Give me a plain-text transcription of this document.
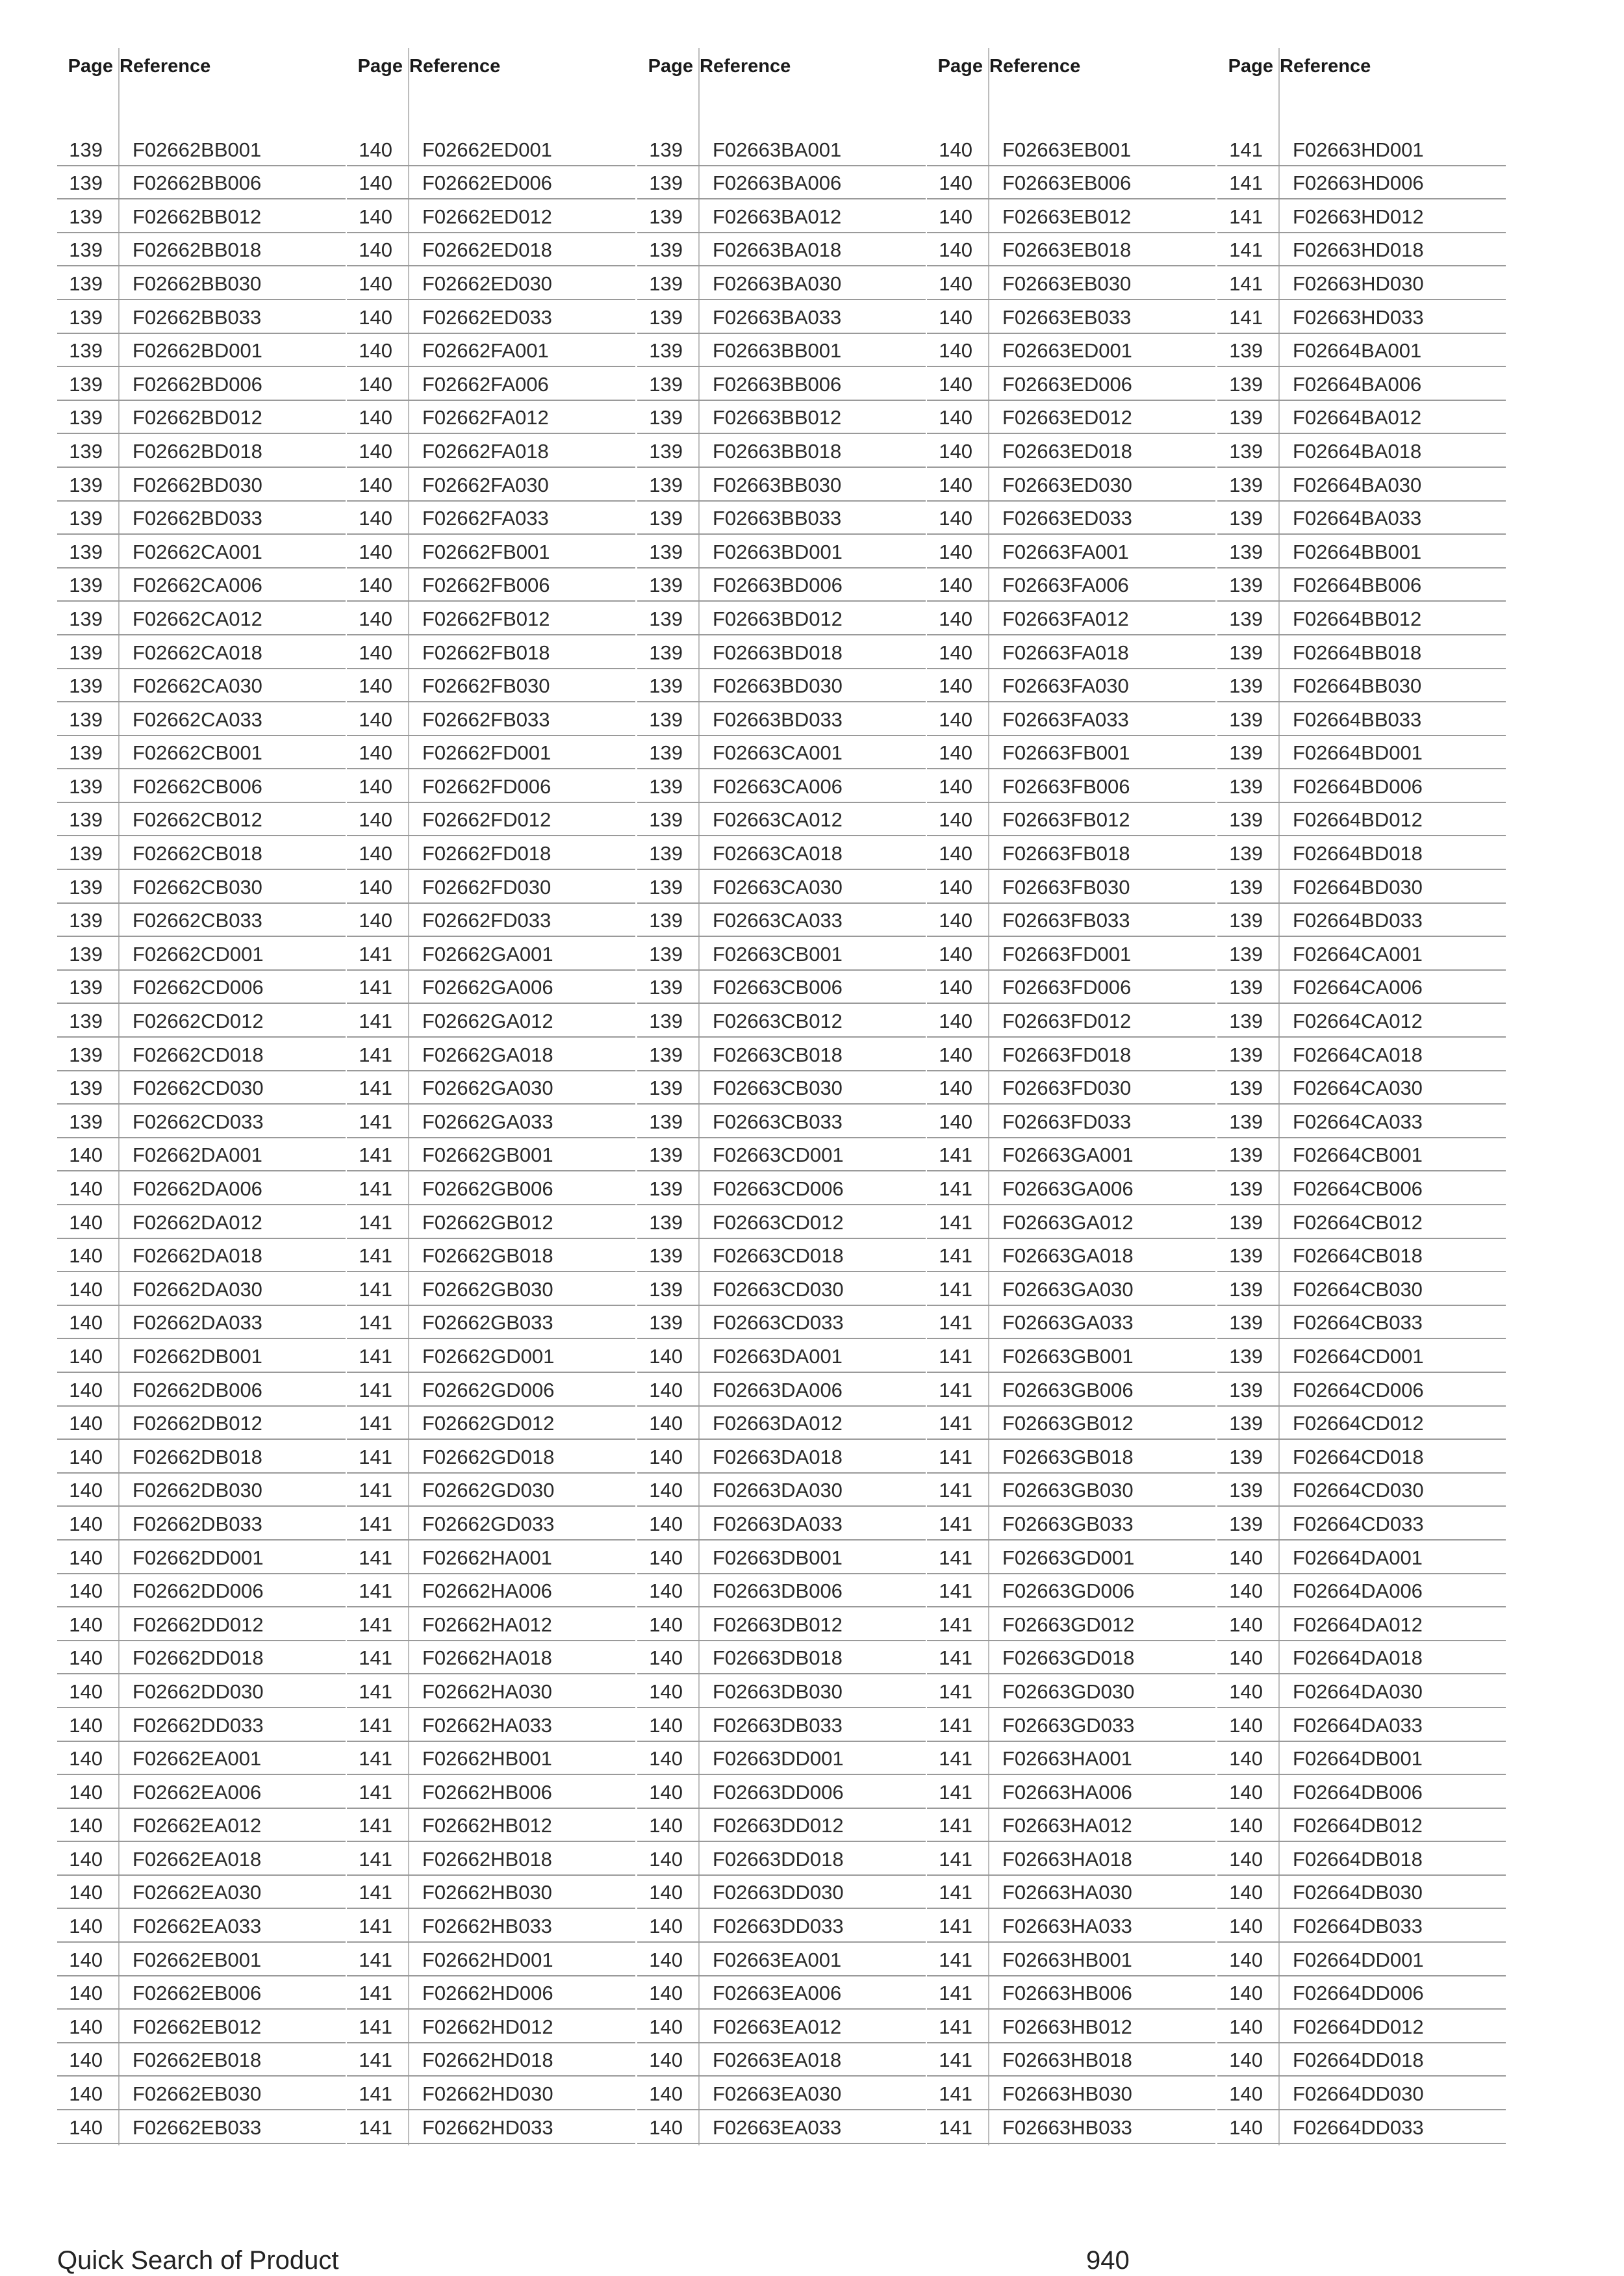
Page Reference
139 F02662BB001
139 F02662BB006
139 F02662BB012
139 F02662BB018
139 F02662BB030
139 F02662BB033
139 F02662BD001
139 F02662BD006
139 F02662BD012
139 F02662BD018
139 F02662BD030
139 F02662BD033
139 F02662CA001
139 F02662CA006
139 F02662CA012
139 F02662CA018
139 F02662CA030
139 F02662CA033
139 F02662CB001
139 F02662CB006
139 F02662CB012
139 F02662CB018
139 F02662CB030
139 F02662CB033
139 F02662CD001
139 F02662CD006
139 F02662CD012
139 F02662CD018
139 F02662CD030
139 F02662CD033
140 F02662DA001
140 F02662DA006
140 F02662DA012
140 F02662DA018
140 F02662DA030
140 F02662DA033
140 F02662DB001
140 F02662DB006
140 F02662DB012
140 F02662DB018
140 F02662DB030
140 F02662DB033
140 F02662DD001
140 F02662DD006
140 F02662DD012
140 F02662DD018
140 F02662DD030
140 F02662DD033
140 F02662EA001
140 F02662EA006
140 F02662EA012
140 F02662EA018
140 F02662EA030
140 F02662EA033
140 F02662EB001
140 F02662EB006
140 F02662EB012
140 F02662EB018
140 F02662EB030
140 F02662EB033
Page Reference
140 F02662ED001
140 F02662ED006
140 F02662ED012
140 F02662ED018
140 F02662ED030
140 F02662ED033
140 F02662FA001
140 F02662FA006
140 F02662FA012
140 F02662FA018
140 F02662FA030
140 F02662FA033
140 F02662FB001
140 F02662FB006
140 F02662FB012
140 F02662FB018
140 F02662FB030
140 F02662FB033
140 F02662FD001
140 F02662FD006
140 F02662FD012
140 F02662FD018
140 F02662FD030
140 F02662FD033
141 F02662GA001
141 F02662GA006
141 F02662GA012
141 F02662GA018
141 F02662GA030
141 F02662GA033
141 F02662GB001
141 F02662GB006
141 F02662GB012
141 F02662GB018
141 F02662GB030
141 F02662GB033
141 F02662GD001
141 F02662GD006
141 F02662GD012
141 F02662GD018
141 F02662GD030
141 F02662GD033
141 F02662HA001
141 F02662HA006
141 F02662HA012
141 F02662HA018
141 F02662HA030
141 F02662HA033
141 F02662HB001
141 F02662HB006
141 F02662HB012
141 F02662HB018
141 F02662HB030
141 F02662HB033
141 F02662HD001
141 F02662HD006
141 F02662HD012
141 F02662HD018
141 F02662HD030
141 F02662HD033
Page Reference
139 F02663BA001
139 F02663BA006
139 F02663BA012
139 F02663BA018
139 F02663BA030
139 F02663BA033
139 F02663BB001
139 F02663BB006
139 F02663BB012
139 F02663BB018
139 F02663BB030
139 F02663BB033
139 F02663BD001
139 F02663BD006
139 F02663BD012
139 F02663BD018
139 F02663BD030
139 F02663BD033
139 F02663CA001
139 F02663CA006
139 F02663CA012
139 F02663CA018
139 F02663CA030
139 F02663CA033
139 F02663CB001
139 F02663CB006
139 F02663CB012
139 F02663CB018
139 F02663CB030
139 F02663CB033
139 F02663CD001
139 F02663CD006
139 F02663CD012
139 F02663CD018
139 F02663CD030
139 F02663CD033
140 F02663DA001
140 F02663DA006
140 F02663DA012
140 F02663DA018
140 F02663DA030
140 F02663DA033
140 F02663DB001
140 F02663DB006
140 F02663DB012
140 F02663DB018
140 F02663DB030
140 F02663DB033
140 F02663DD001
140 F02663DD006
140 F02663DD012
140 F02663DD018
140 F02663DD030
140 F02663DD033
140 F02663EA001
140 F02663EA006
140 F02663EA012
140 F02663EA018
140 F02663EA030
140 F02663EA033
Page Reference
140 F02663EB001
140 F02663EB006
140 F02663EB012
140 F02663EB018
140 F02663EB030
140 F02663EB033
140 F02663ED001
140 F02663ED006
140 F02663ED012
140 F02663ED018
140 F02663ED030
140 F02663ED033
140 F02663FA001
140 F02663FA006
140 F02663FA012
140 F02663FA018
140 F02663FA030
140 F02663FA033
140 F02663FB001
140 F02663FB006
140 F02663FB012
140 F02663FB018
140 F02663FB030
140 F02663FB033
140 F02663FD001
140 F02663FD006
140 F02663FD012
140 F02663FD018
140 F02663FD030
140 F02663FD033
141 F02663GA001
141 F02663GA006
141 F02663GA012
141 F02663GA018
141 F02663GA030
141 F02663GA033
141 F02663GB001
141 F02663GB006
141 F02663GB012
141 F02663GB018
141 F02663GB030
141 F02663GB033
141 F02663GD001
141 F02663GD006
141 F02663GD012
141 F02663GD018
141 F02663GD030
141 F02663GD033
141 F02663HA001
141 F02663HA006
141 F02663HA012
141 F02663HA018
141 F02663HA030
141 F02663HA033
141 F02663HB001
141 F02663HB006
141 F02663HB012
141 F02663HB018
141 F02663HB030
141 F02663HB033
Page Reference
141 F02663HD001
141 F02663HD006
141 F02663HD012
141 F02663HD018
141 F02663HD030
141 F02663HD033
139 F02664BA001
139 F02664BA006
139 F02664BA012
139 F02664BA018
139 F02664BA030
139 F02664BA033
139 F02664BB001
139 F02664BB006
139 F02664BB012
139 F02664BB018
139 F02664BB030
139 F02664BB033
139 F02664BD001
139 F02664BD006
139 F02664BD012
139 F02664BD018
139 F02664BD030
139 F02664BD033
139 F02664CA001
139 F02664CA006
139 F02664CA012
139 F02664CA018
139 F02664CA030
139 F02664CA033
139 F02664CB001
139 F02664CB006
139 F02664CB012
139 F02664CB018
139 F02664CB030
139 F02664CB033
139 F02664CD001
139 F02664CD006
139 F02664CD012
139 F02664CD018
139 F02664CD030
139 F02664CD033
140 F02664DA001
140 F02664DA006
140 F02664DA012
140 F02664DA018
140 F02664DA030
140 F02664DA033
140 F02664DB001
140 F02664DB006
140 F02664DB012
140 F02664DB018
140 F02664DB030
140 F02664DB033
140 F02664DD001
140 F02664DD006
140 F02664DD012
140 F02664DD018
140 F02664DD030
140 F02664DD033
Quick Search of Product	940
